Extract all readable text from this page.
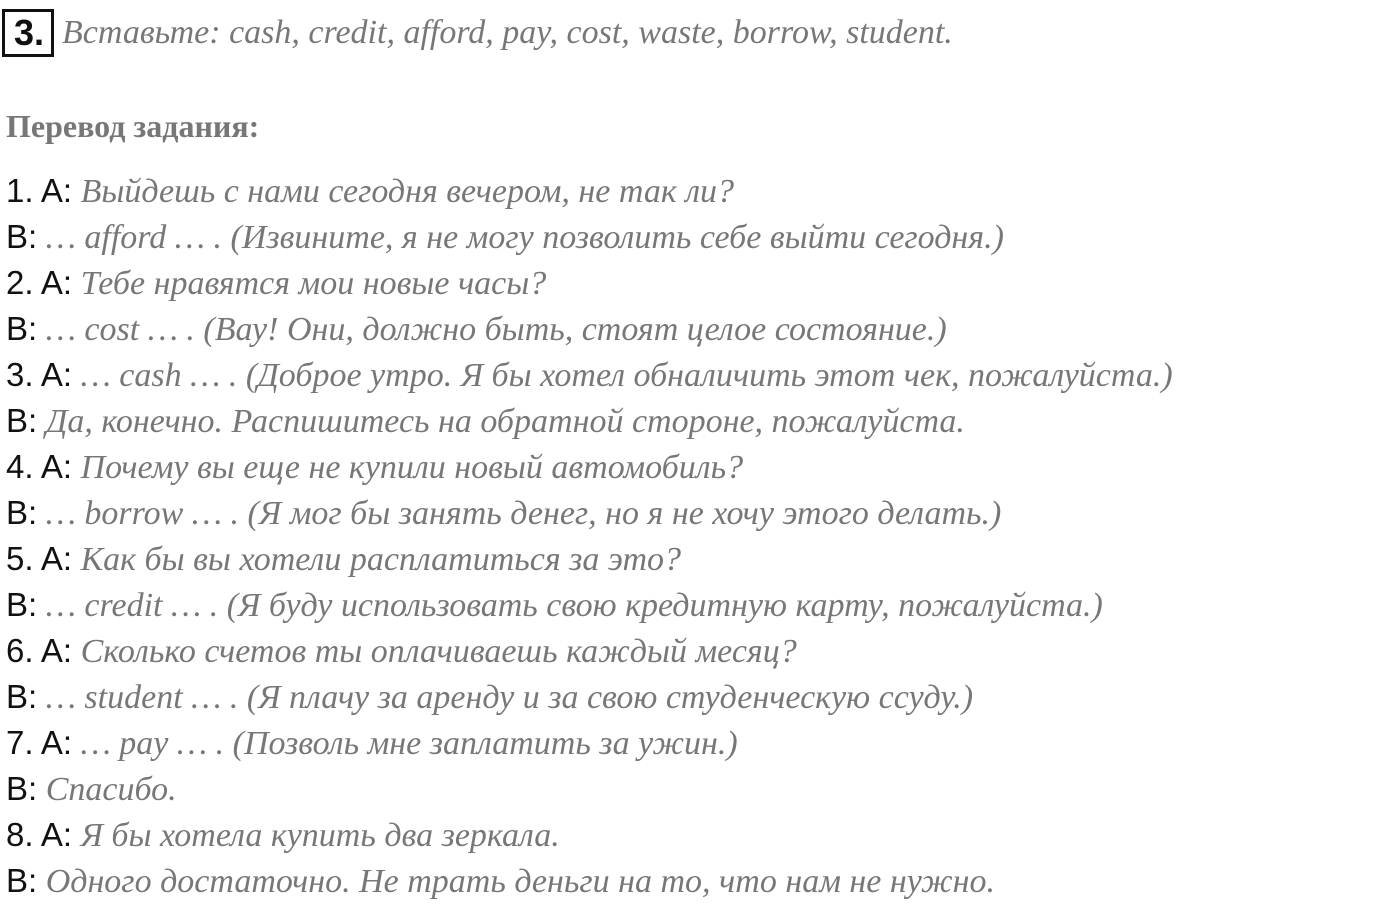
3. Вставьте: cash, credit, afford, pay, cost, waste, borrow, student.
Перевод задания:
1. A: Выйдешь с нами сегодня вечером, не так ли?
B: … afford … . (Извините, я не могу позволить себе выйти сегодня.)
2. A: Тебе нравятся мои новые часы?
B: … cost … . (Вау! Они, должно быть, стоят целое состояние.)
3. A: … cash … . (Доброе утро. Я бы хотел обналичить этот чек, пожалуйста.)
B: Да, конечно. Распишитесь на обратной стороне, пожалуйста.
4. A: Почему вы еще не купили новый автомобиль?
B: … borrow … . (Я мог бы занять денег, но я не хочу этого делать.)
5. A: Как бы вы хотели расплатиться за это?
B: … credit … . (Я буду использовать свою кредитную карту, пожалуйста.)
6. A: Сколько счетов ты оплачиваешь каждый месяц?
B: … student … . (Я плачу за аренду и за свою студенческую ссуду.)
7. A: … pay … . (Позволь мне заплатить за ужин.)
B: Спасибо.
8. A: Я бы хотела купить два зеркала.
B: Одного достаточно. Не трать деньги на то, что нам не нужно.
